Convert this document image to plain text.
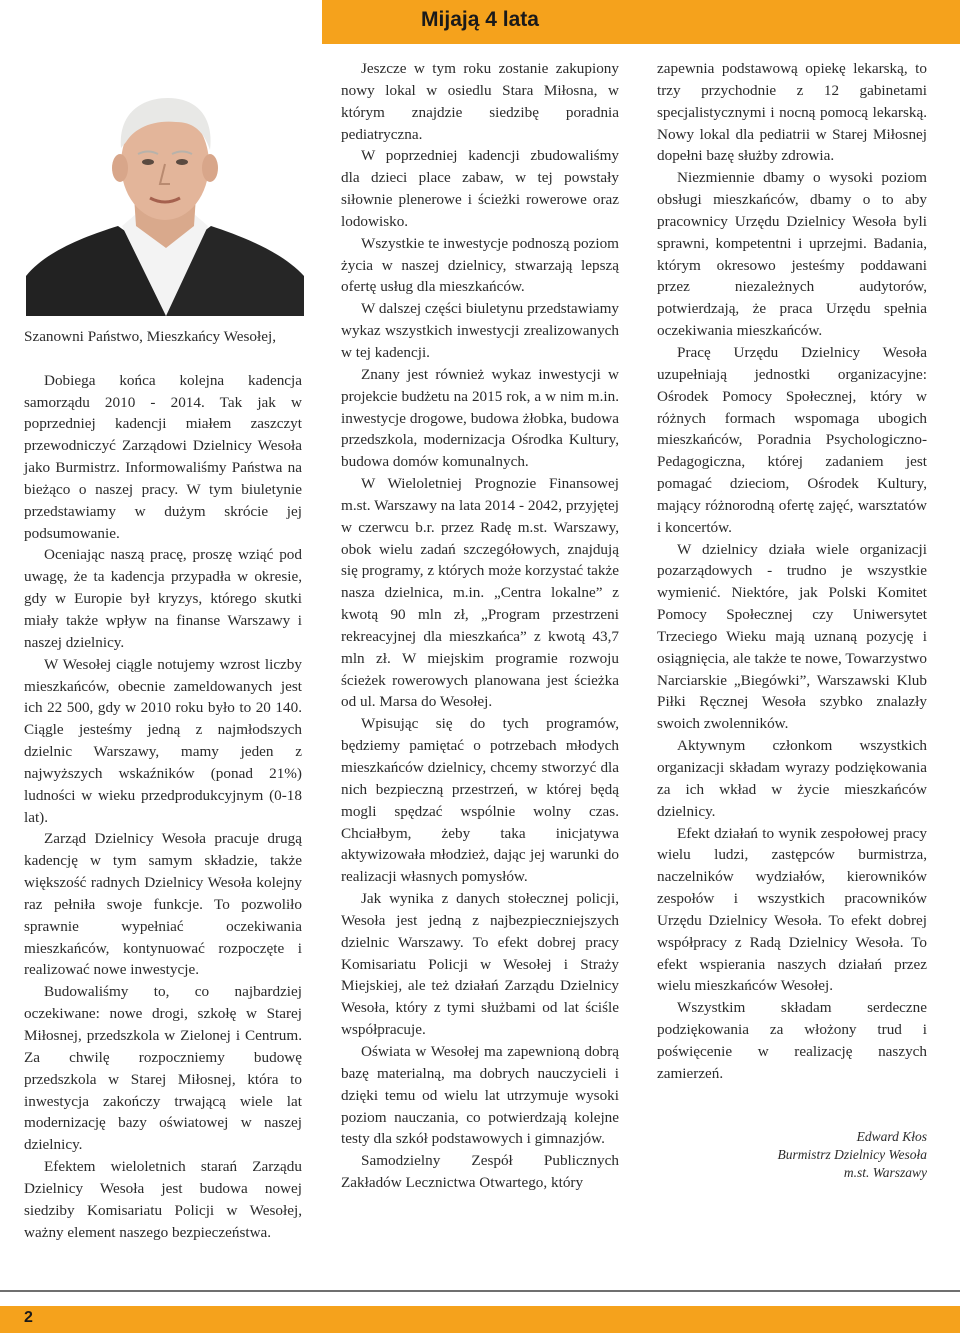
Mijają 4 lata

Szanowni Państwo, Mieszkańcy Wesołej,

Dobiega końca kolejna kadencja samorządu 2010 - 2014. Tak jak w poprzedniej kadencji miałem zaszczyt przewodniczyć Zarządowi Dzielnicy Wesoła jako Burmistrz. Informowaliśmy Państwa na bieżąco o naszej pracy. W tym biuletynie przedstawiamy w dużym skrócie jej podsumowanie.

Oceniając naszą pracę, proszę wziąć pod uwagę, że ta kadencja przypadła w okresie, gdy w Europie był kryzys, którego skutki miały także wpływ na finanse Warszawy i naszej dzielnicy.

W Wesołej ciągle notujemy wzrost liczby mieszkańców, obecnie zameldowanych jest ich 22 500, gdy w 2010 roku było to 20 140. Ciągle jesteśmy jedną z najmłodszych dzielnic Warszawy, mamy jeden z najwyższych wskaźników (ponad 21%) ludności w wieku przedprodukcyjnym (0-18 lat).

Zarząd Dzielnicy Wesoła pracuje drugą kadencję w tym samym składzie, także większość radnych Dzielnicy Wesoła kolejny raz pełniła swoje funkcje. To pozwoliło sprawnie wypełniać oczekiwania mieszkańców, kontynuować rozpoczęte i realizować nowe inwestycje.

Budowaliśmy to, co najbardziej oczekiwane: nowe drogi, szkołę w Starej Miłosnej, przedszkola w Zielonej i Centrum. Za chwilę rozpoczniemy budowę przedszkola w Starej Miłosnej, która to inwestycja zakończy trwającą wiele lat modernizację bazy oświatowej w naszej dzielnicy.

Efektem wieloletnich starań Zarządu Dzielnicy Wesoła jest budowa nowej siedziby Komisariatu Policji w Wesołej, ważny element naszego bezpieczeństwa.

Jeszcze w tym roku zostanie zakupiony nowy lokal w osiedlu Stara Miłosna, w którym znajdzie siedzibę poradnia pediatryczna.

W poprzedniej kadencji zbudowaliśmy dla dzieci place zabaw, w tej powstały siłownie plenerowe i ścieżki rowerowe oraz lodowisko.

Wszystkie te inwestycje podnoszą poziom życia w naszej dzielnicy, stwarzają lepszą ofertę usług dla mieszkańców.

W dalszej części biuletynu przedstawiamy wykaz wszystkich inwestycji zrealizowanych w tej kadencji.

Znany jest również wykaz inwestycji w projekcie budżetu na 2015 rok, a w nim m.in. inwestycje drogowe, budowa żłobka, budowa przedszkola, modernizacja Ośrodka Kultury, budowa domów komunalnych.

W Wieloletniej Prognozie Finansowej m.st. Warszawy na lata 2014 - 2042, przyjętej w czerwcu b.r. przez Radę m.st. Warszawy, obok wielu zadań szczegółowych, znajdują się programy, z których może korzystać także nasza dzielnica, m.in. „Centra lokalne” z kwotą 90 mln zł, „Program przestrzeni rekreacyjnej dla mieszkańca” z kwotą 43,7 mln zł. W miejskim programie rozwoju ścieżek rowerowych planowana jest ścieżka od ul. Marsa do Wesołej.

Wpisując się do tych programów, będziemy pamiętać o potrzebach młodych mieszkańców dzielnicy, chcemy stworzyć dla nich bezpieczną przestrzeń, w której będą mogli spędzać wspólnie wolny czas. Chciałbym, żeby taka inicjatywa aktywizowała młodzież, dając jej warunki do realizacji własnych pomysłów.

Jak wynika z danych stołecznej policji, Wesoła jest jedną z najbezpieczniejszych dzielnic Warszawy. To efekt dobrej pracy Komisariatu Policji w Wesołej i Straży Miejskiej, ale też działań Zarządu Dzielnicy Wesoła, który z tymi służbami od lat ściśle współpracuje.

Oświata w Wesołej ma zapewnioną dobrą bazę materialną, ma dobrych nauczycieli i dzięki temu od wielu lat utrzymuje wysoki poziom nauczania, co potwierdzają kolejne testy dla szkół podstawowych i gimnazjów.

Samodzielny Zespół Publicznych Zakładów Lecznictwa Otwartego, który

zapewnia podstawową opiekę lekarską, to trzy przychodnie z 12 gabinetami specjalistycznymi i nocną pomocą lekarską. Nowy lokal dla pediatrii w Starej Miłosnej dopełni bazę służby zdrowia.

Niezmiennie dbamy o wysoki poziom obsługi mieszkańców, dbamy o to aby pracownicy Urzędu Dzielnicy Wesoła byli sprawni, kompetentni i uprzejmi. Badania, którym okresowo jesteśmy poddawani przez niezależnych audytorów, potwierdzają, że praca Urzędu spełnia oczekiwania mieszkańców.

Pracę Urzędu Dzielnicy Wesoła uzupełniają jednostki organizacyjne: Ośrodek Pomocy Społecznej, który w różnych formach wspomaga ubogich mieszkańców, Poradnia Psychologiczno-Pedagogiczna, której zadaniem jest pomagać dzieciom, Ośrodek Kultury, mający różnorodną ofertę zajęć, warsztatów i koncertów.

W dzielnicy działa wiele organizacji pozarządowych - trudno je wszystkie wymienić. Niektóre, jak Polski Komitet Pomocy Społecznej czy Uniwersytet Trzeciego Wieku mają uznaną pozycję i osiągnięcia, ale także te nowe, Towarzystwo Narciarskie „Biegówki”, Warszawski Klub Piłki Ręcznej Wesoła szybko znalazły swoich zwolenników.

Aktywnym członkom wszystkich organizacji składam wyrazy podziękowania za ich wkład w życie mieszkańców dzielnicy.

Efekt działań to wynik zespołowej pracy wielu ludzi, zastępców burmistrza, naczelników wydziałów, kierowników zespołów i wszystkich pracowników Urzędu Dzielnicy Wesoła. To efekt dobrej współpracy z Radą Dzielnicy Wesoła. To efekt wspierania naszych działań przez wielu mieszkańców Wesołej.

Wszystkim składam serdeczne podziękowania za włożony trud i poświęcenie w realizację naszych zamierzeń.

Edward Kłos
Burmistrz Dzielnicy Wesoła
m.st. Warszawy
2
